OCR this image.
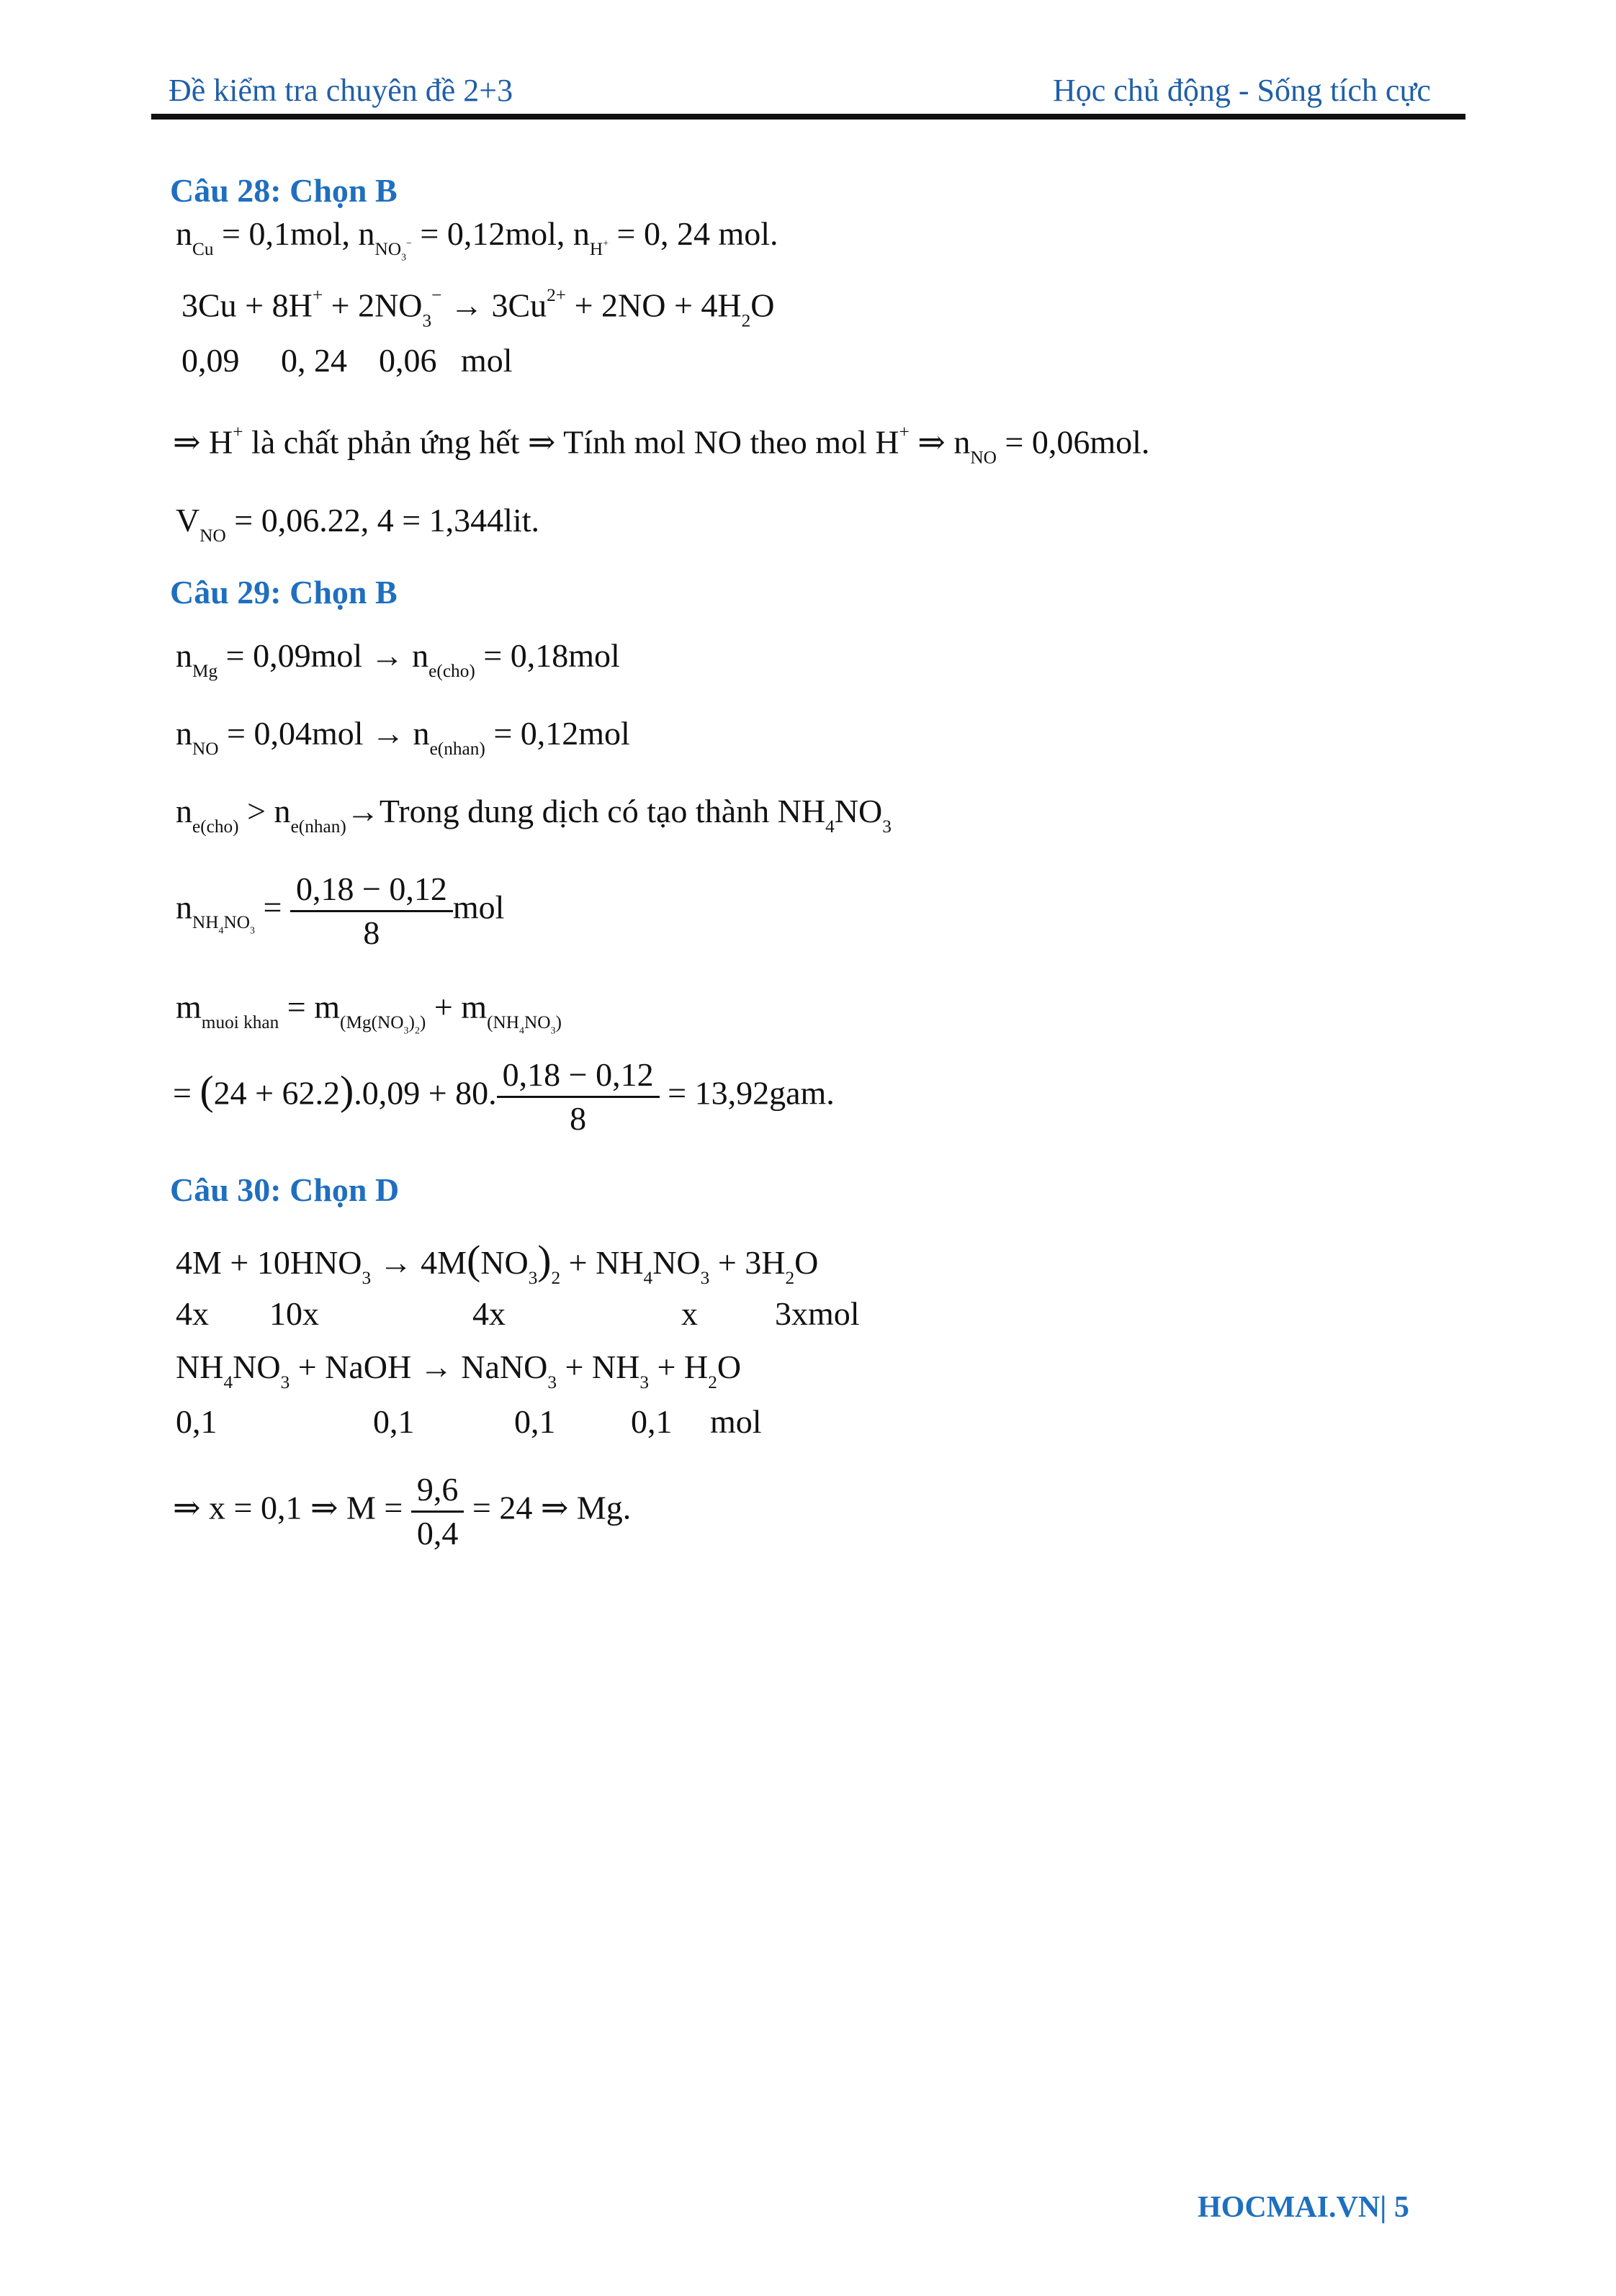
Đề kiểm tra chuyên đề 2+3	Học chủ động - Sống tích cực
Câu 28: Chọn B
$n_{Cu} = 0,1mol$, $n_{NO_3^-} = 0,12mol$, $n_{H^+} = 0$, 24 mol.
$3Cu + 8H^+ + 2NO_3^- \to 3Cu^{2+} + 2NO + 4H_2O$
0,09 0, 24 0,06 mol
⇒ H+ là chất phản ứng hết ⇒ Tính mol NO theo mol H+ ⇒ $n_{NO} = 0,06mol$.
$V_{NO} = 0,06.22$, 4 = 1,344lit.
Câu 29: Chọn B
$n_{Mg} = 0,09mol \to n_{e(cho)} = 0,18mol$
$n_{NO} = 0,04mol \to n_{e(nhan)} = 0,12mol$
$n_{e(cho)}$ > $n_{e(nhan)}\to Trong$ dung dịch có tạo thành $NH_4NO_3$
$n_{NH_4NO_3} = \frac{0,18 - 0,12}{8}$ mol
$m_{muoi khan} = m_{(Mg(NO_3)_2)} + m_{(NH_4NO_3)}$
= (24 + 62.2).0,09 + 80. $\frac{0,18 - 0,12}{8} = 13,92gam$.
Câu 30: Chọn D
$4M + 10HNO_3 \to 4M(NO_3)_2 + NH_4NO_3 + 3H_2O$
4x 10x	4x	x 3xmol
$NH_4NO_3$ + NaOH → NaNO$_3$ + $NH_3 + H_2O$
0,1	0,1	0,1 0,1 mol
⇒ x = 0,1 ⇒ $M = \frac{9,6}{0,4} = 24$ ⇒ Mg.
HOCMAI.VN| 5
